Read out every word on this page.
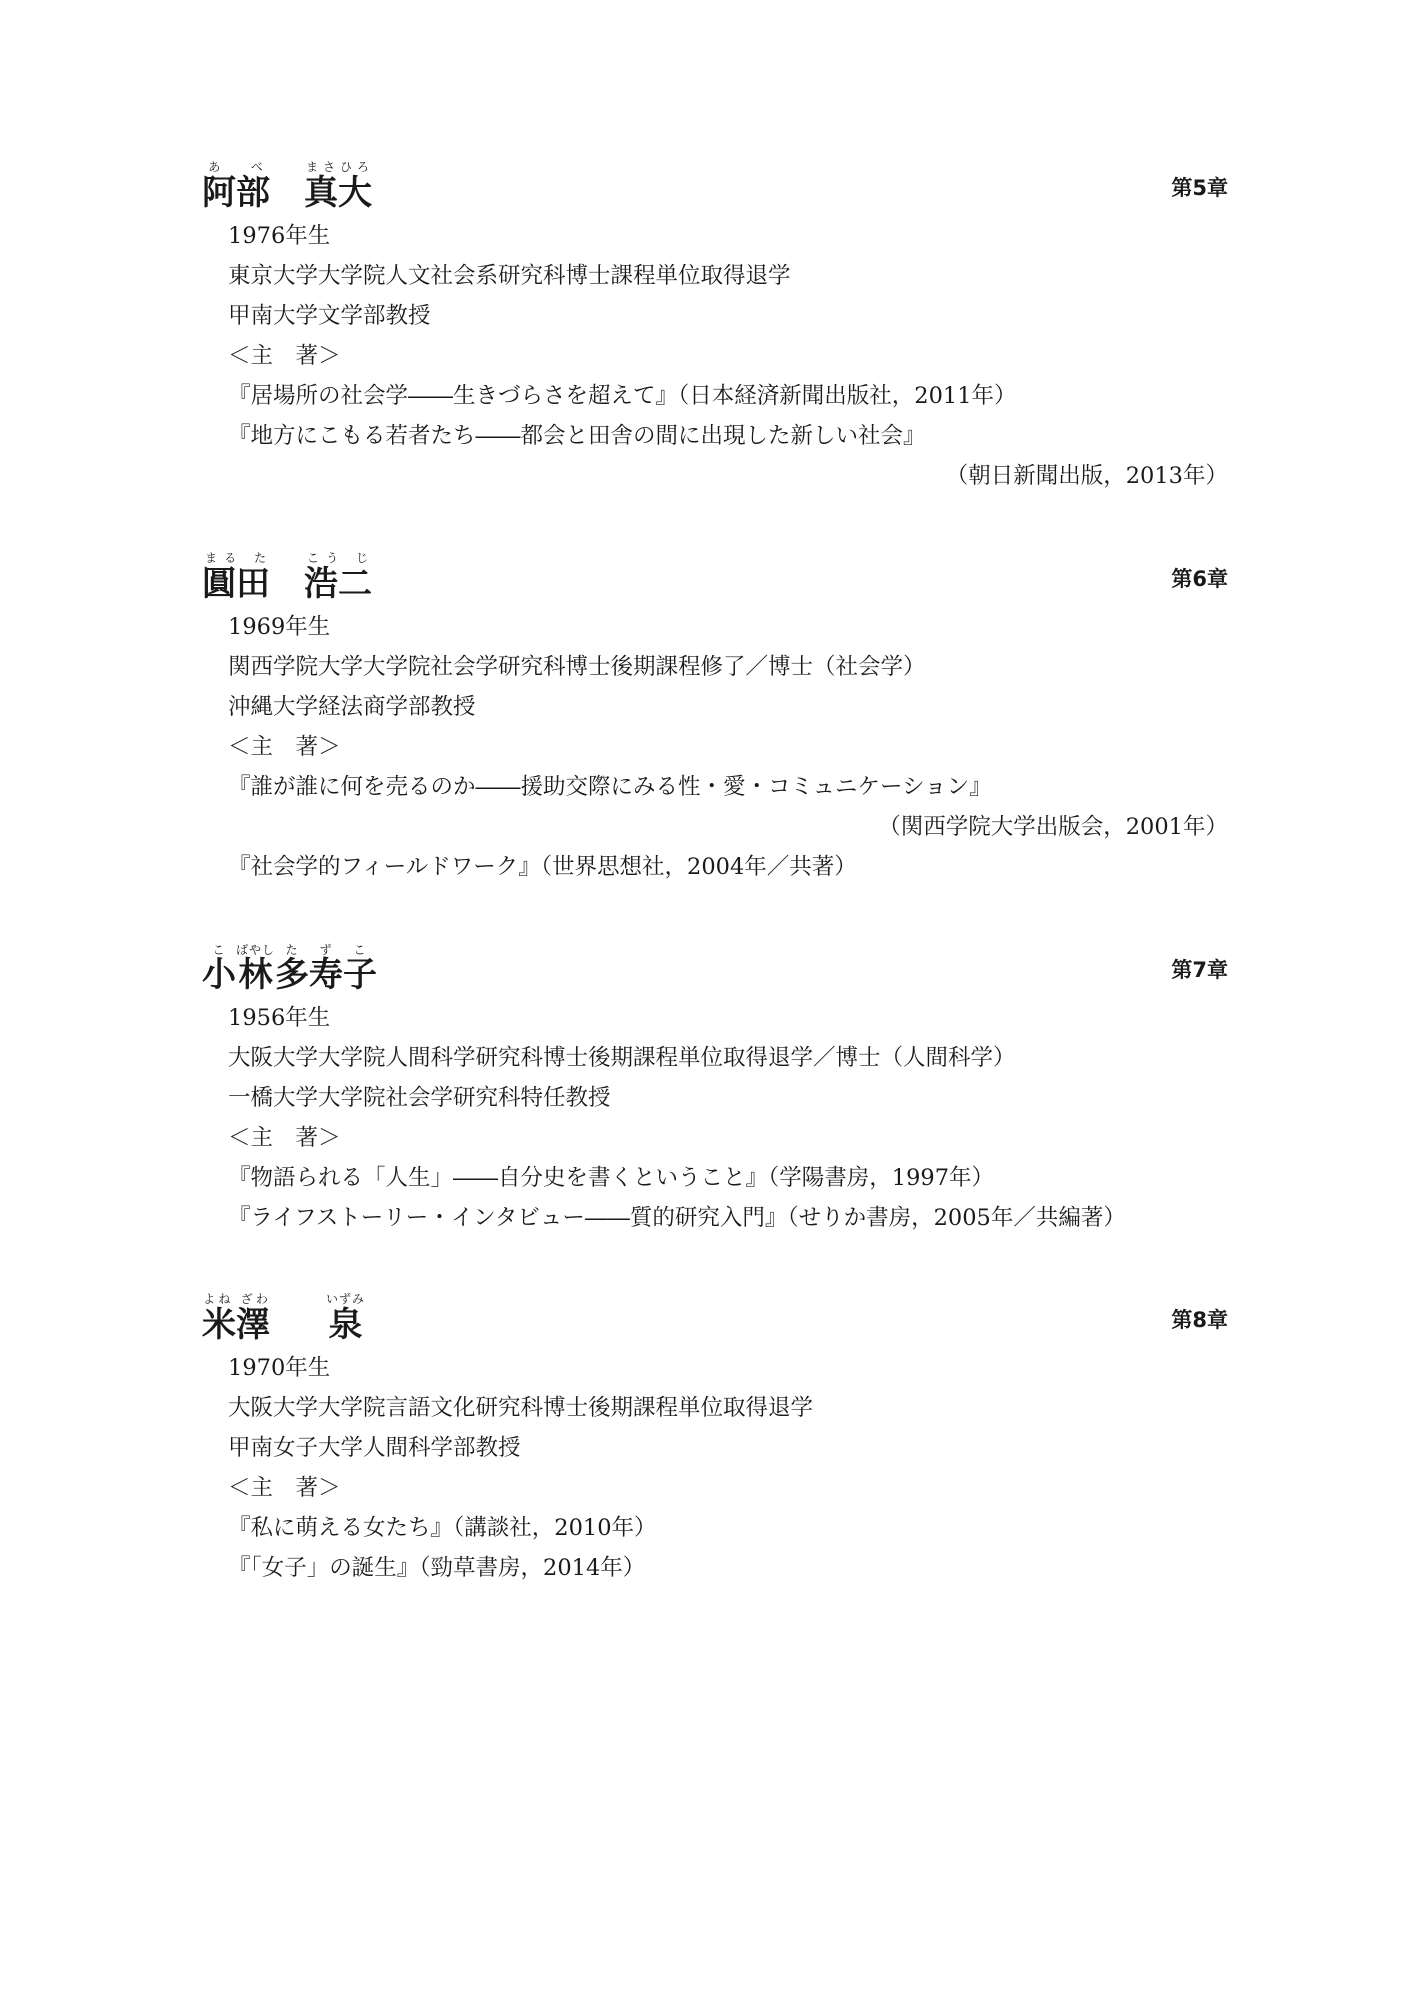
阿部あ べ真大まさひろ
第5章
1976年生
東京大学大学院人文社会系研究科博士課程単位取得退学
甲南大学文学部教授
＜主　著＞
『居場所の社会学――生きづらさを超えて』（日本経済新聞出版社，2011年）
『地方にこもる若者たち――都会と田舎の間に出現した新しい社会』
（朝日新聞出版，2013年）
圓田まる た浩二こう じ
第6章
1969年生
関西学院大学大学院社会学研究科博士後期課程修了／博士（社会学）
沖縄大学経法商学部教授
＜主　著＞
『誰が誰に何を売るのか――援助交際にみる性・愛・コミュニケーション』
（関西学院大学出版会，2001年）
『社会学的フィールドワーク』（世界思想社，2004年／共著）
小こ林ばやし多た寿ず子こ
第7章
1956年生
大阪大学大学院人間科学研究科博士後期課程単位取得退学／博士（人間科学）
一橋大学大学院社会学研究科特任教授
＜主　著＞
『物語られる「人生」――自分史を書くということ』（学陽書房，1997年）
『ライフストーリー・インタビュー――質的研究入門』（せりか書房，2005年／共編著）
米澤よね ざわ泉いずみ
第8章
1970年生
大阪大学大学院言語文化研究科博士後期課程単位取得退学
甲南女子大学人間科学部教授
＜主　著＞
『私に萌える女たち』（講談社，2010年）
『「女子」の誕生』（勁草書房，2014年）
